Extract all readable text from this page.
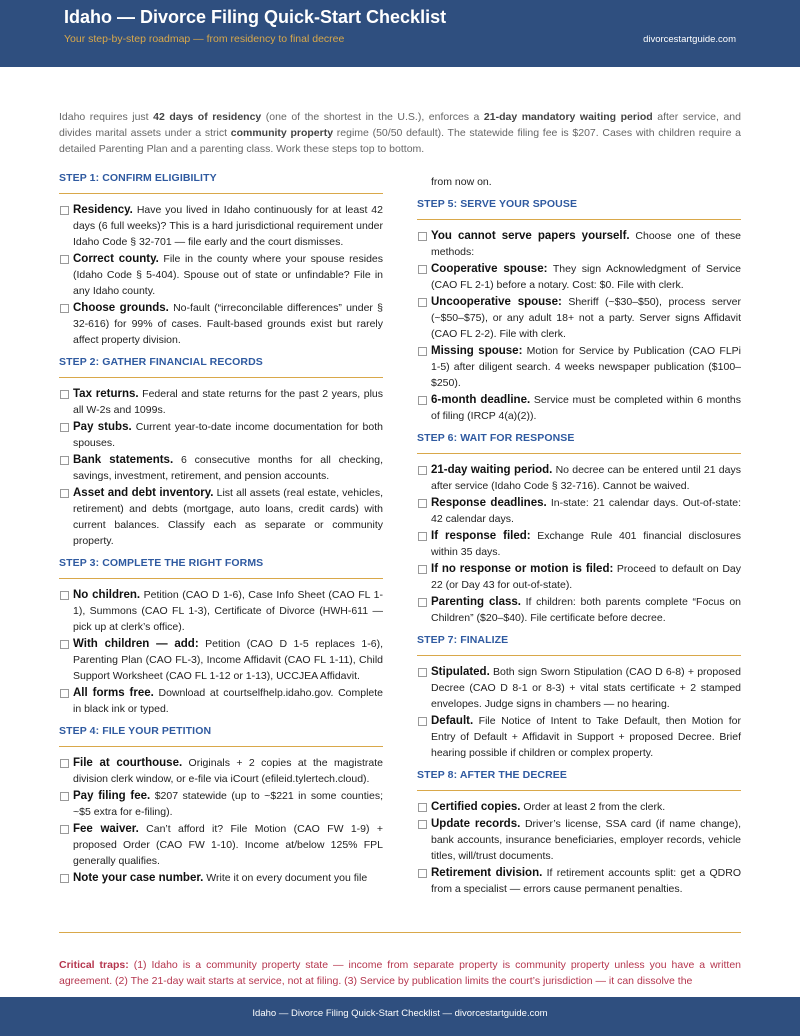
Idaho — Divorce Filing Quick-Start Checklist
Your step-by-step roadmap — from residency to final decree	divorcestartguide.com
Idaho requires just 42 days of residency (one of the shortest in the U.S.), enforces a 21-day mandatory waiting period after service, and divides marital assets under a strict community property regime (50/50 default). The statewide filing fee is $207. Cases with children require a detailed Parenting Plan and a parenting class. Work these steps top to bottom.
STEP 1: CONFIRM ELIGIBILITY
Residency. Have you lived in Idaho continuously for at least 42 days (6 full weeks)? This is a hard jurisdictional requirement under Idaho Code § 32-701 — file early and the court dismisses.
Correct county. File in the county where your spouse resides (Idaho Code § 5-404). Spouse out of state or unfindable? File in any Idaho county.
Choose grounds. No-fault (“irreconcilable differences” under § 32-616) for 99% of cases. Fault-based grounds exist but rarely affect property division.
STEP 2: GATHER FINANCIAL RECORDS
Tax returns. Federal and state returns for the past 2 years, plus all W-2s and 1099s.
Pay stubs. Current year-to-date income documentation for both spouses.
Bank statements. 6 consecutive months for all checking, savings, investment, retirement, and pension accounts.
Asset and debt inventory. List all assets (real estate, vehicles, retirement) and debts (mortgage, auto loans, credit cards) with current balances. Classify each as separate or community property.
STEP 3: COMPLETE THE RIGHT FORMS
No children. Petition (CAO D 1-6), Case Info Sheet (CAO FL 1-1), Summons (CAO FL 1-3), Certificate of Divorce (HWH-611 — pick up at clerk’s office).
With children — add: Petition (CAO D 1-5 replaces 1-6), Parenting Plan (CAO FL-3), Income Affidavit (CAO FL 1-11), Child Support Worksheet (CAO FL 1-12 or 1-13), UCCJEA Affidavit.
All forms free. Download at courtselfhelp.idaho.gov. Complete in black ink or typed.
STEP 4: FILE YOUR PETITION
File at courthouse. Originals + 2 copies at the magistrate division clerk window, or e-file via iCourt (efileid.tylertech.cloud).
Pay filing fee. $207 statewide (up to ~$221 in some counties; ~$5 extra for e-filing).
Fee waiver. Can’t afford it? File Motion (CAO FW 1-9) + proposed Order (CAO FW 1-10). Income at/below 125% FPL generally qualifies.
Note your case number. Write it on every document you file
from now on.
STEP 5: SERVE YOUR SPOUSE
You cannot serve papers yourself. Choose one of these methods:
Cooperative spouse: They sign Acknowledgment of Service (CAO FL 2-1) before a notary. Cost: $0. File with clerk.
Uncooperative spouse: Sheriff (~$30–$50), process server (~$50–$75), or any adult 18+ not a party. Server signs Affidavit (CAO FL 2-2). File with clerk.
Missing spouse: Motion for Service by Publication (CAO FLPi 1-5) after diligent search. 4 weeks newspaper publication ($100–$250).
6-month deadline. Service must be completed within 6 months of filing (IRCP 4(a)(2)).
STEP 6: WAIT FOR RESPONSE
21-day waiting period. No decree can be entered until 21 days after service (Idaho Code § 32-716). Cannot be waived.
Response deadlines. In-state: 21 calendar days. Out-of-state: 42 calendar days.
If response filed: Exchange Rule 401 financial disclosures within 35 days.
If no response or motion is filed: Proceed to default on Day 22 (or Day 43 for out-of-state).
Parenting class. If children: both parents complete “Focus on Children” ($20–$40). File certificate before decree.
STEP 7: FINALIZE
Stipulated. Both sign Sworn Stipulation (CAO D 6-8) + proposed Decree (CAO D 8-1 or 8-3) + vital stats certificate + 2 stamped envelopes. Judge signs in chambers — no hearing.
Default. File Notice of Intent to Take Default, then Motion for Entry of Default + Affidavit in Support + proposed Decree. Brief hearing possible if children or complex property.
STEP 8: AFTER THE DECREE
Certified copies. Order at least 2 from the clerk.
Update records. Driver’s license, SSA card (if name change), bank accounts, insurance beneficiaries, employer records, vehicle titles, will/trust documents.
Retirement division. If retirement accounts split: get a QDRO from a specialist — errors cause permanent penalties.
Critical traps: (1) Idaho is a community property state — income from separate property is community property unless you have a written agreement. (2) The 21-day wait starts at service, not at filing. (3) Service by publication limits the court’s jurisdiction — it can dissolve the
Idaho — Divorce Filing Quick-Start Checklist — divorcestartguide.com
